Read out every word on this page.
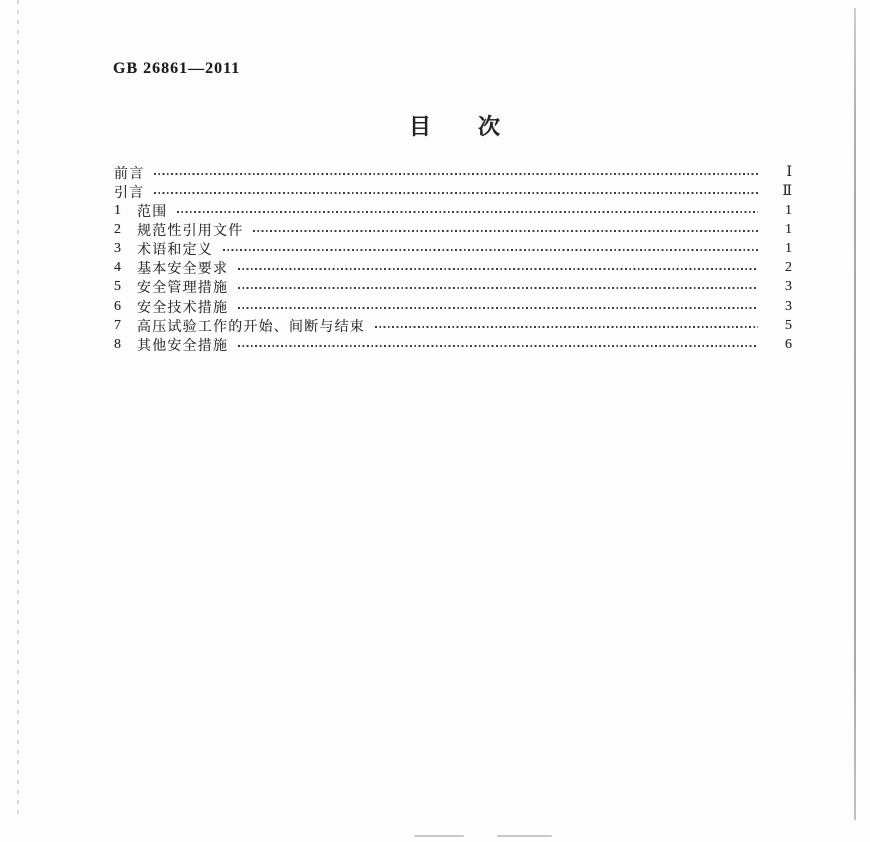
GB 26861—2011
目　　次
前言	Ⅰ
引言	Ⅱ
1	范围	1
2	规范性引用文件	1
3	术语和定义	1
4	基本安全要求	2
5	安全管理措施	3
6	安全技术措施	3
7	高压试验工作的开始、间断与结束	5
8	其他安全措施	6
